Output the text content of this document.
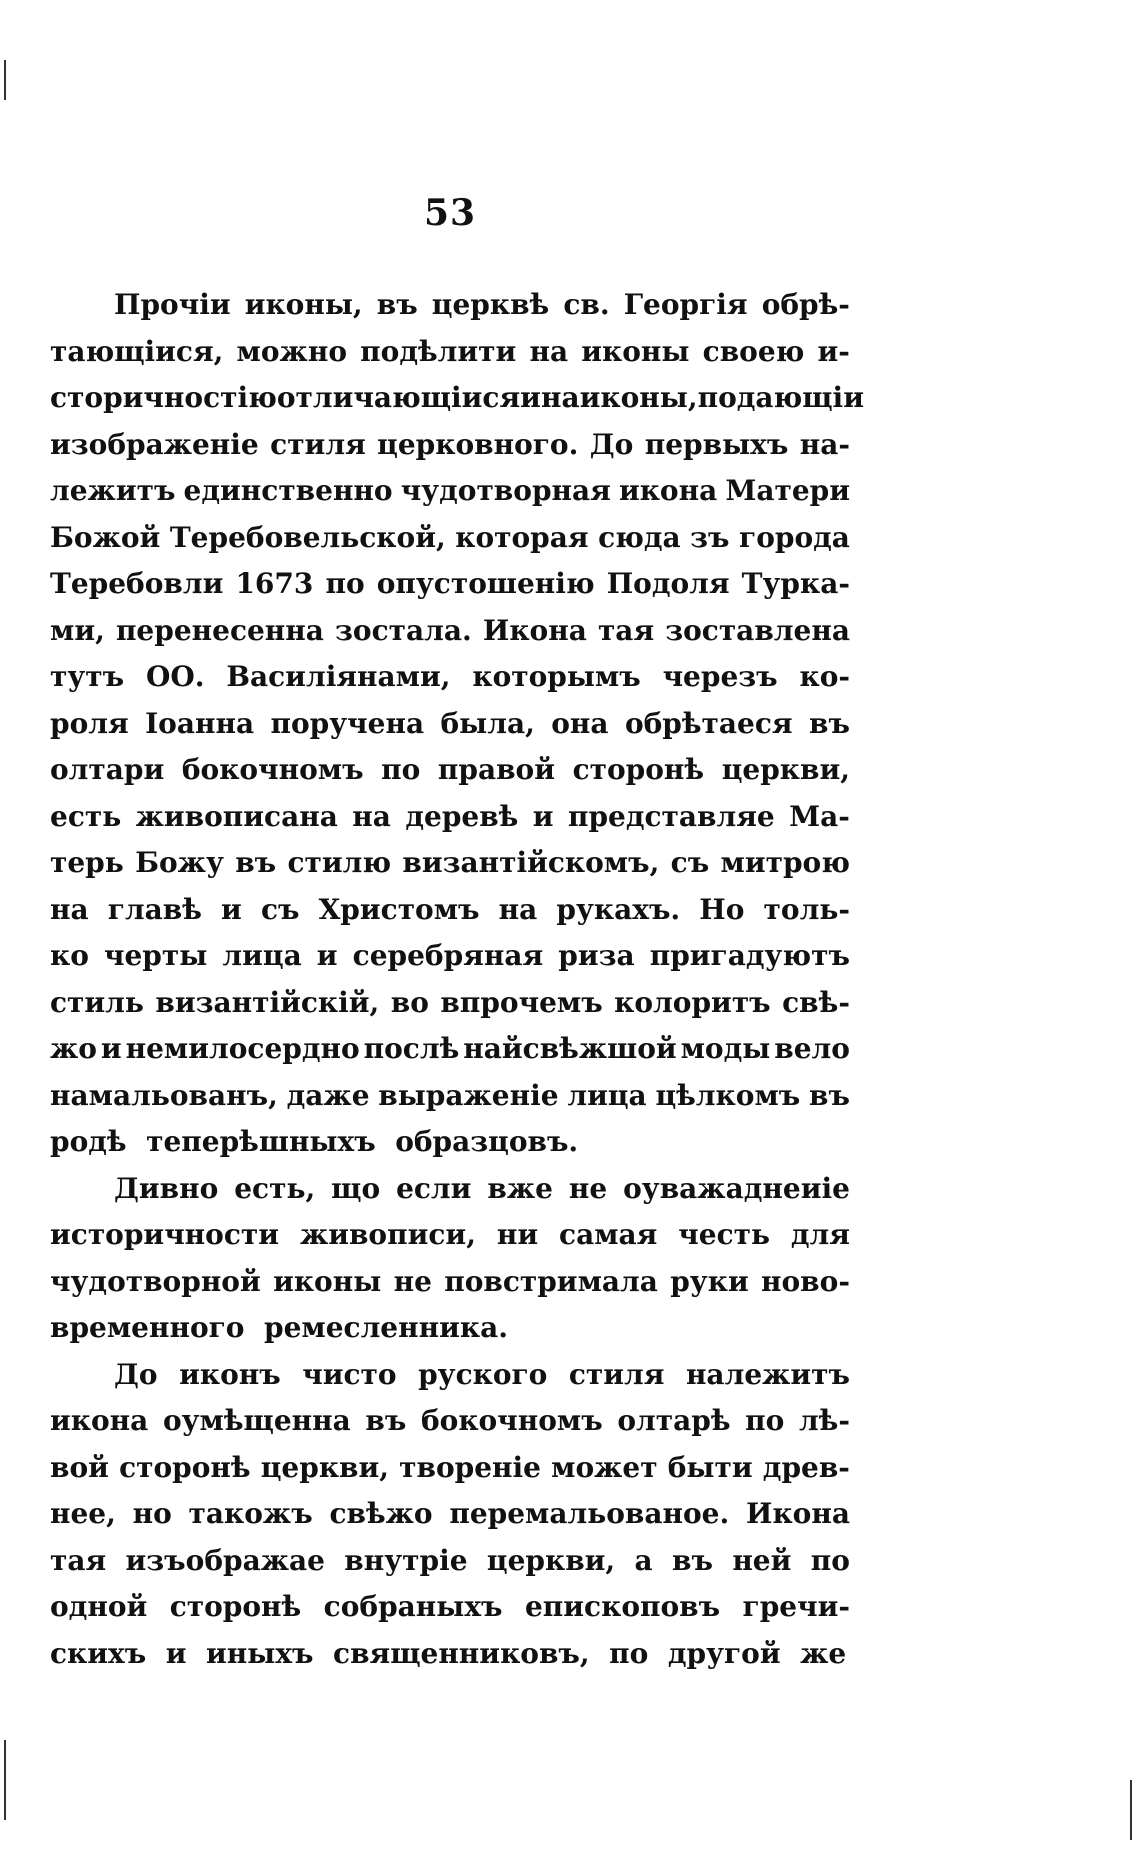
53
Прочіи иконы, въ церквѣ св. Георгія обрѣ-
тающіися, можно подѣлити на иконы своею и-
сторичностію отличающіися и на иконы, подающіи
изображеніе стиля церковного. До первыхъ на-
лежитъ единственно чудотворная икона Матери
Божой Теребовельской, которая сюда зъ города
Теребовли 1673 по опустошенію Подоля Турка-
ми, перенесенна зостала. Икона тая зоставлена
тутъ ОО. Василіянами, которымъ черезъ ко-
роля Іоанна поручена была, она обрѣтаеся въ
олтари бокочномъ по правой сторонѣ церкви,
есть живописана на деревѣ и представляе Ма-
терь Божу въ стилю византійскомъ, съ митрою
на главѣ и съ Христомъ на рукахъ. Но толь-
ко черты лица и серебряная риза пригадуютъ
стиль византійскій, во впрочемъ колоритъ свѣ-
жо и немилосердно послѣ найсвѣжшой моды вело
намальованъ, даже выраженіе лица цѣлкомъ въ
родѣ
теперѣшныхъ
образцовъ.
Дивно есть, що если вже не оуважаднеиіе
историчности живописи, ни самая честь для
чудотворной иконы не повстримала руки новo-
временного
ремесленника.
До иконъ чисто руского стиля належитъ
икона оумѣщенна въ бокочномъ олтарѣ по лѣ-
вой сторонѣ церкви, твореніе может быти древ-
нее, но такожъ свѣжо перемальованое. Икона
тая изъображае внутріе церкви, а въ ней по
одной сторонѣ собраныхъ епископовъ гречи-
скихъ
и
иныхъ
священниковъ,
по
другой
же
